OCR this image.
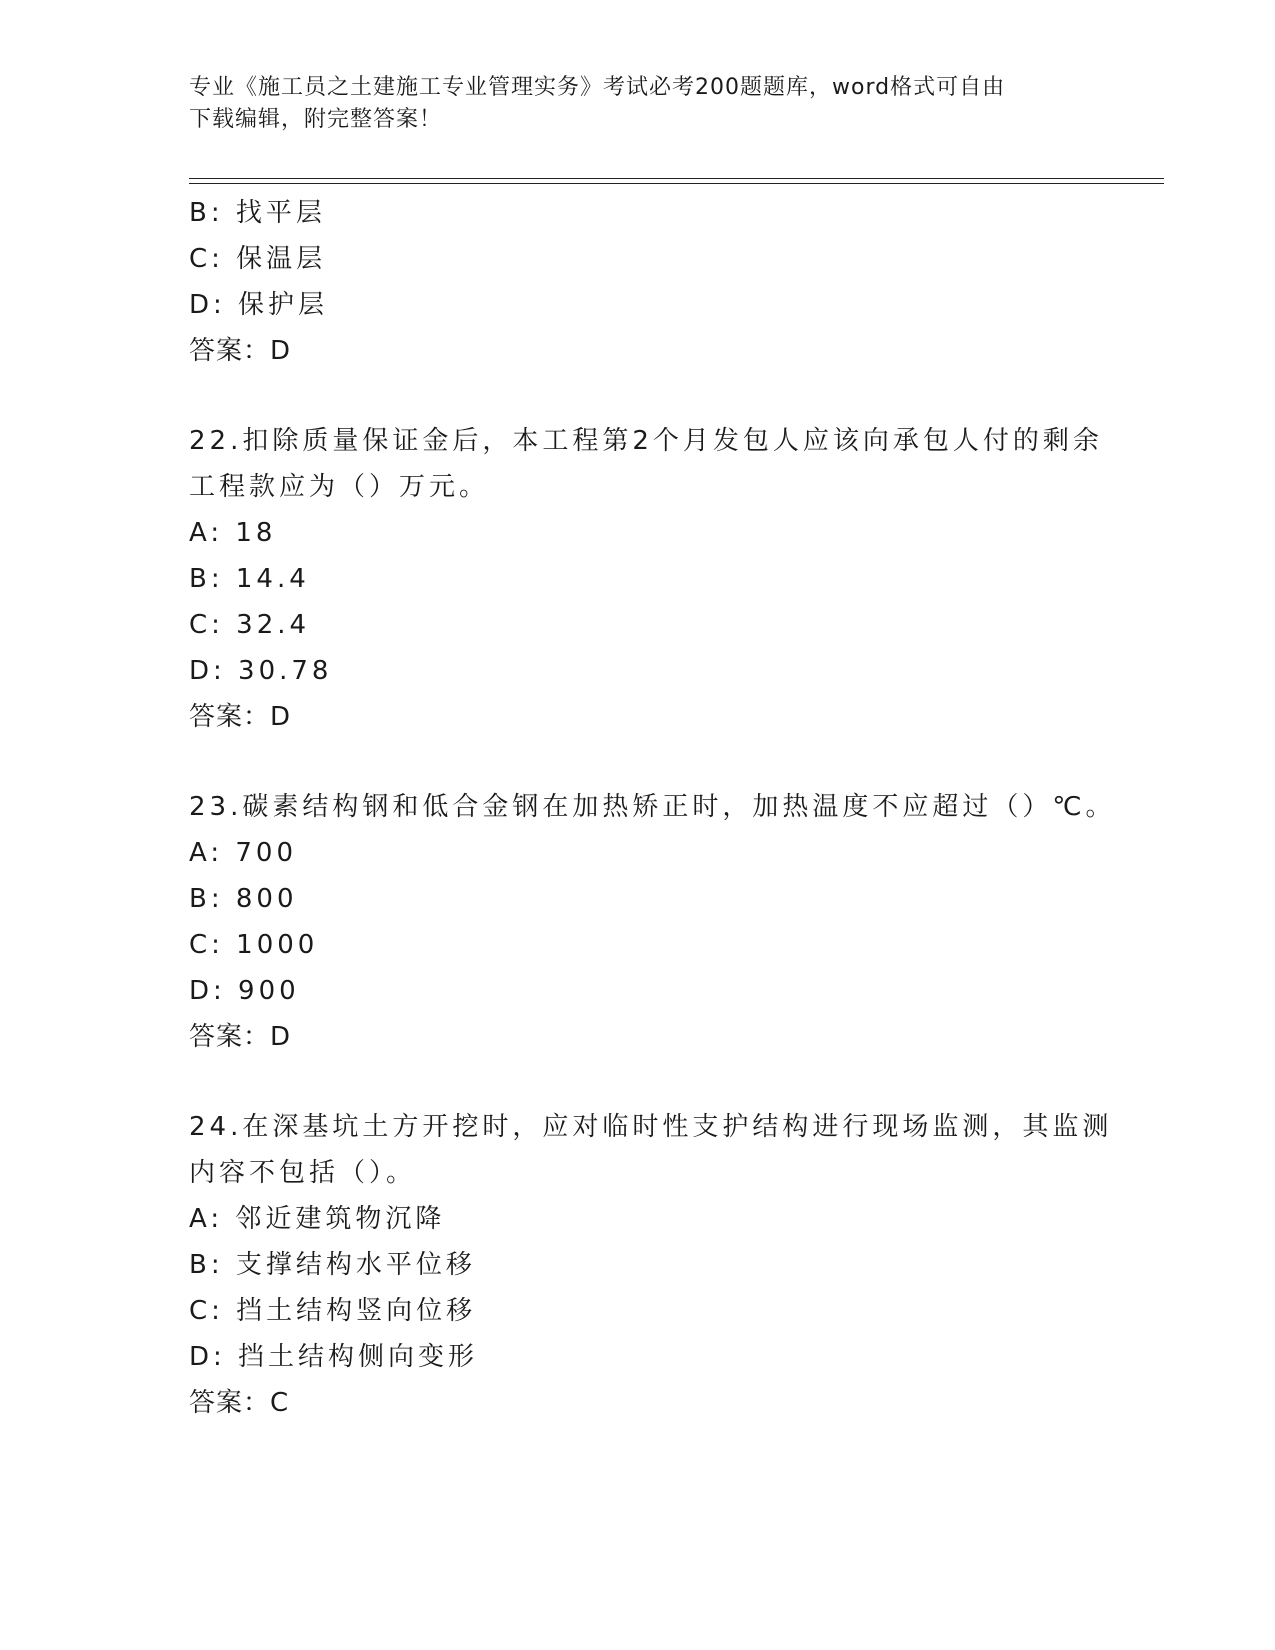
专业《施工员之土建施工专业管理实务》考试必考200题题库，word格式可自由
下载编辑，附完整答案！
B: 找平层
C: 保温层
D: 保护层
答案：D
22.扣除质量保证金后，本工程第2个月发包人应该向承包人付的剩余
工程款应为（）万元。
A: 18
B: 14.4
C: 32.4
D: 30.78
答案：D
23.碳素结构钢和低合金钢在加热矫正时，加热温度不应超过（）℃。
A: 700
B: 800
C: 1000
D: 900
答案：D
24.在深基坑土方开挖时，应对临时性支护结构进行现场监测，其监测
内容不包括（）。
A: 邻近建筑物沉降
B: 支撑结构水平位移
C: 挡土结构竖向位移
D: 挡土结构侧向变形
答案：C
